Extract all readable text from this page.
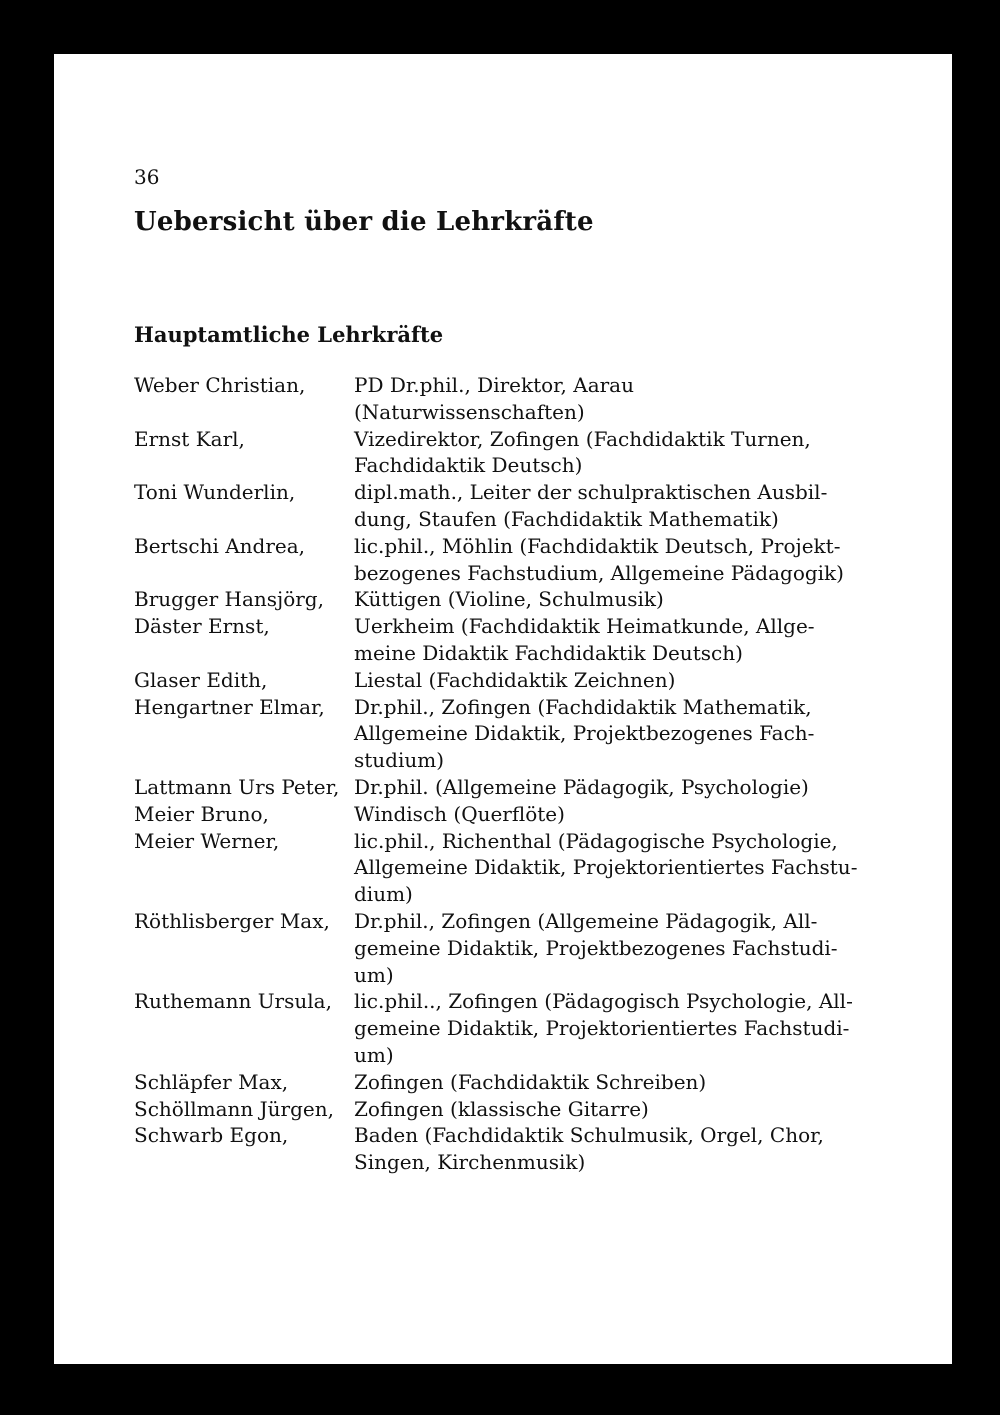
36
Uebersicht über die Lehrkräfte
Hauptamtliche Lehrkräfte
Weber Christian,	PD Dr.phil., Direktor, Aarau
(Naturwissenschaften)
Ernst Karl,	Vizedirektor, Zofingen (Fachdidaktik Turnen,
Fachdidaktik Deutsch)
Toni Wunderlin,	dipl.math., Leiter der schulpraktischen Ausbil-
dung, Staufen (Fachdidaktik Mathematik)
Bertschi Andrea,	lic.phil., Möhlin (Fachdidaktik Deutsch, Projekt-
bezogenes Fachstudium, Allgemeine Pädagogik)
Brugger Hansjörg,	Küttigen (Violine, Schulmusik)
Däster Ernst,	Uerkheim (Fachdidaktik Heimatkunde, Allge-
meine Didaktik Fachdidaktik Deutsch)
Glaser Edith,	Liestal (Fachdidaktik Zeichnen)
Hengartner Elmar,	Dr.phil., Zofingen (Fachdidaktik Mathematik,
Allgemeine Didaktik, Projektbezogenes Fach-
studium)
Lattmann Urs Peter, Dr.phil. (Allgemeine Pädagogik, Psychologie)
Meier Bruno,	Windisch (Querflöte)
Meier Werner,	lic.phil., Richenthal (Pädagogische Psychologie,
Allgemeine Didaktik, Projektorientiertes Fachstu-
dium)
Röthlisberger Max,	Dr.phil., Zofingen (Allgemeine Pädagogik, All-
gemeine Didaktik, Projektbezogenes Fachstudi-
um)
Ruthemann Ursula,	lic.phil.., Zofingen (Pädagogisch Psychologie, All-
gemeine Didaktik, Projektorientiertes Fachstudi-
um)
Schläpfer Max,	Zofingen (Fachdidaktik Schreiben)
Schöllmann Jürgen,	Zofingen (klassische Gitarre)
Schwarb Egon,	Baden (Fachdidaktik Schulmusik, Orgel, Chor,
Singen, Kirchenmusik)
